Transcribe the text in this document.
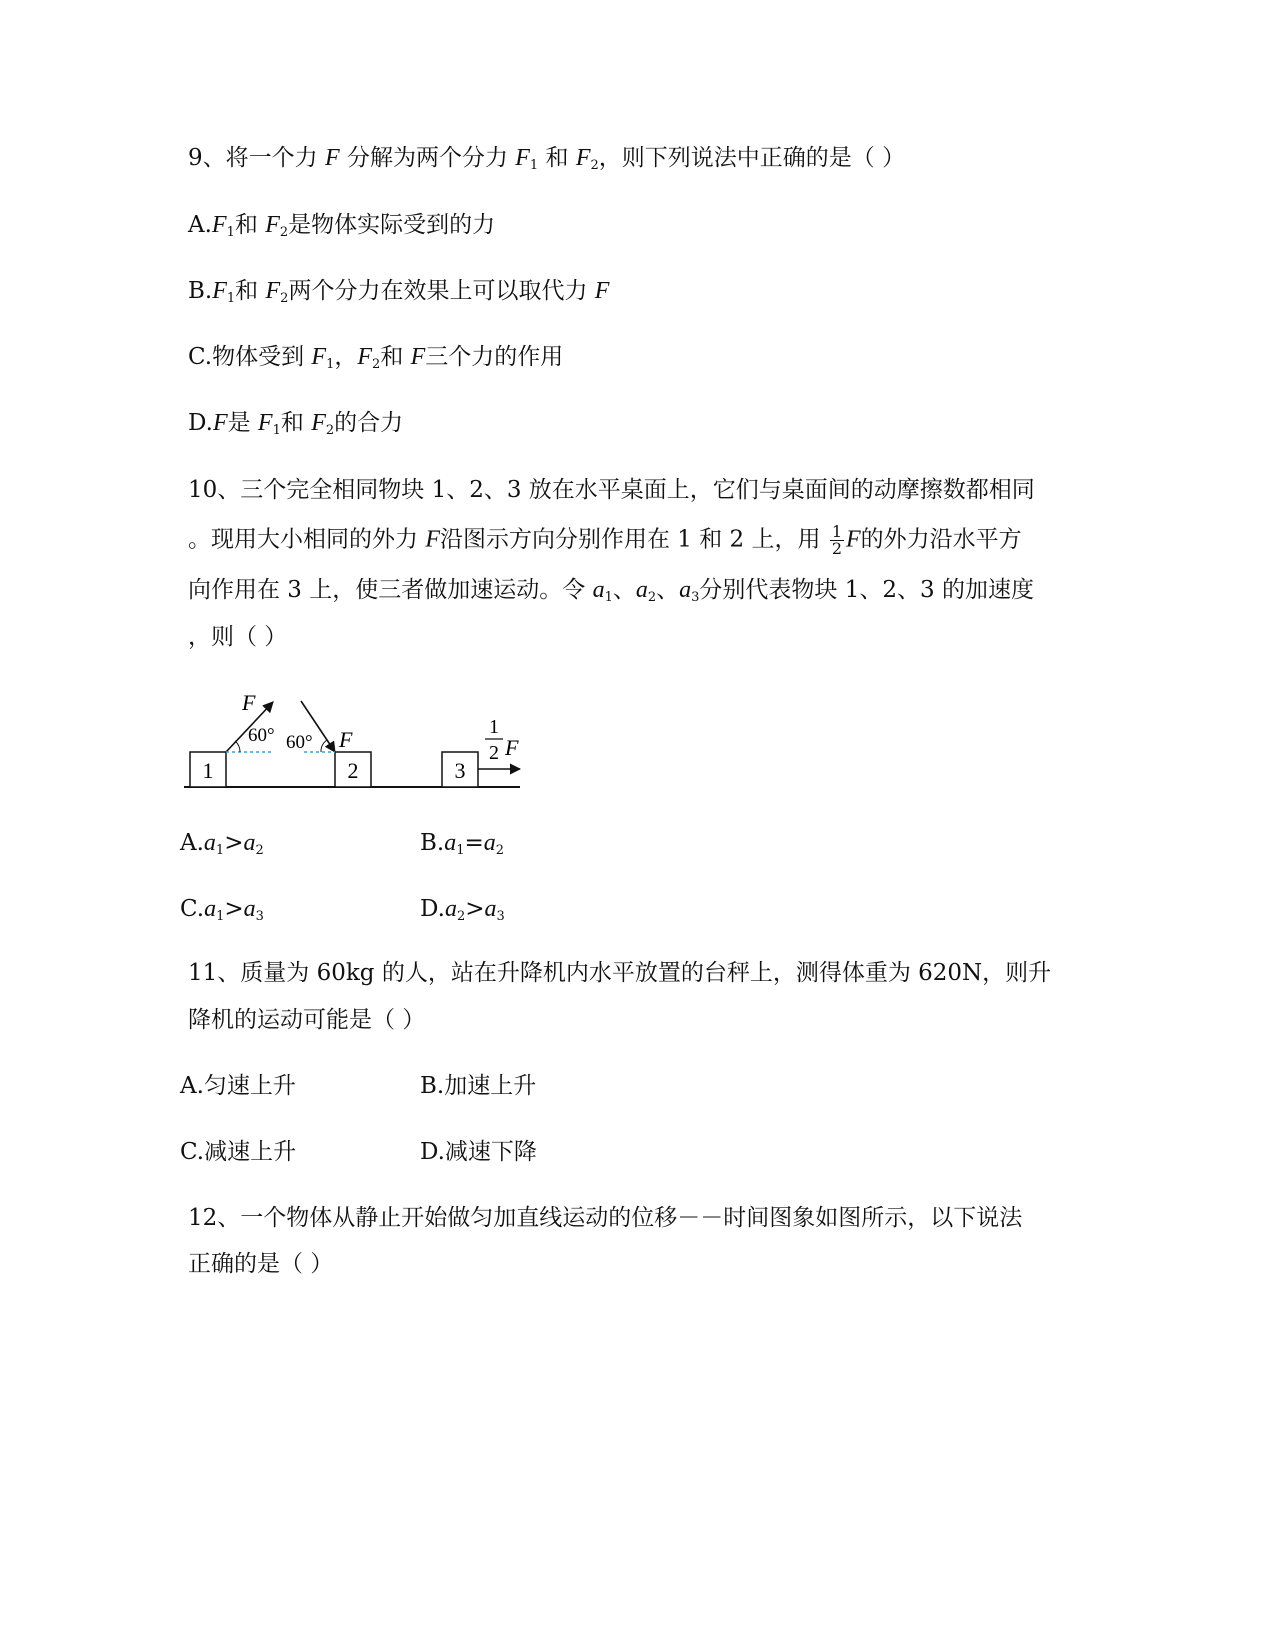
9、将一个力 F 分解为两个分力 $F_1$ 和 $F_2$，则下列说法中正确的是（ ）
$A.F_1$和 $F_2$是物体实际受到的力
$B.F_1$和 $F_2$两个分力在效果上可以取代力 F
C.物体受到 $F_1$，$F_2$和 F三个力的作用
D.F是 $F_1$和 $F_2$的合力
10、三个完全相同物块 1、2、3 放在水平桌面上，它们与桌面间的动摩擦数都相同
。现用大小相同的外力 F沿图示方向分别作用在 1 和 2 上，用 $\frac{1}{2}$ F的外力沿水平方
向作用在 3 上，使三者做加速运动。令 $a_1$、$a_2$、$a_3$分别代表物块 1、2、3 的加速度
，则（ ）
1	2	3
F
60° 60° F	1
2 F
$A.a_1>a_2$	$B.a_1=a_2$
$C.a_1>a_3$	$D.a_2>a_3$
11、质量为 60kg 的人，站在升降机内水平放置的台秤上，测得体重为 620N，则升
降机的运动可能是（ ）
A.匀速上升	B.加速上升
C.减速上升	D.减速下降
12、一个物体从静止开始做匀加直线运动的位移－－时间图象如图所示，以下说法
正确的是（ ）
